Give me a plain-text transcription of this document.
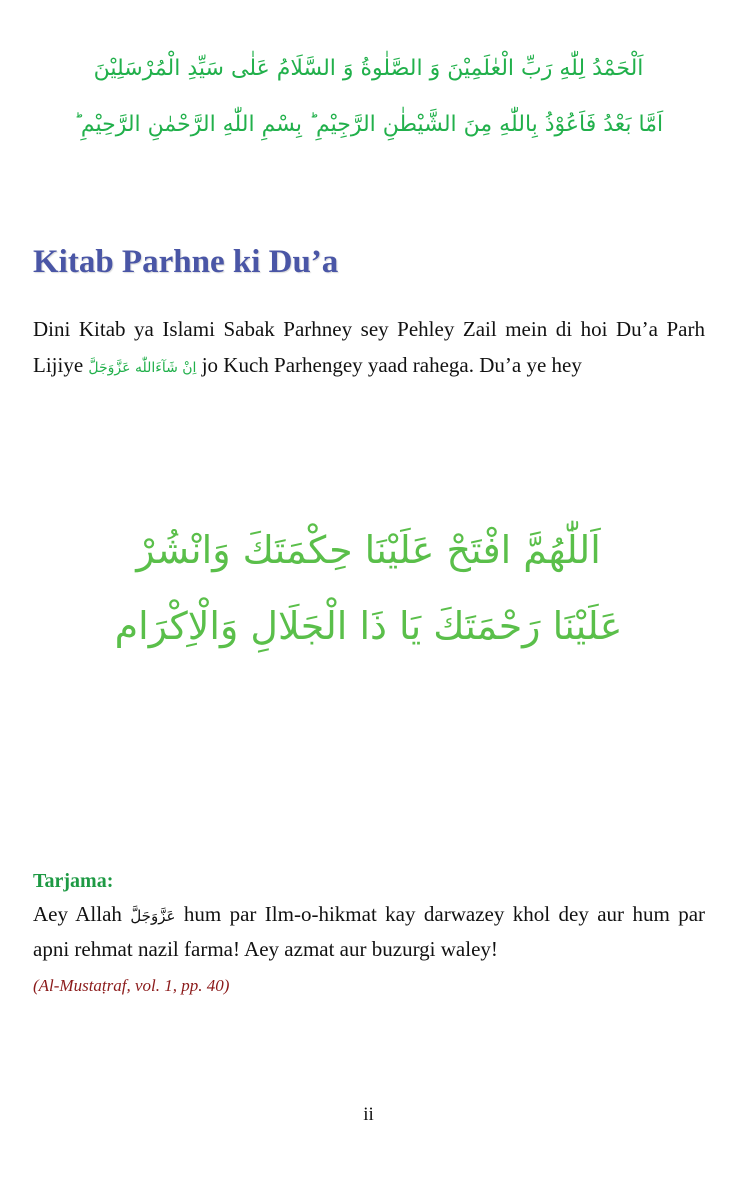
اَلْحَمْدُ لِلّٰهِ رَبِّ الْعٰلَمِيْنَ وَ الصَّلٰوةُ وَ السَّلَامُ عَلٰى سَيِّدِ الْمُرْسَلِيْنَ
اَمَّا بَعْدُ فَاَعُوْذُ بِاللّٰهِ مِنَ الشَّيْطٰنِ الرَّجِيْمِ ؕ بِسْمِ اللّٰهِ الرَّحْمٰنِ الرَّحِيْمِ ؕ
Kitab Parhne ki Du’a

Dini Kitab ya Islami Sabak Parhney sey Pehley Zail mein di hoi Du’a Parh Lijiye اِنْ شَآءَاللّٰه عَزَّوَجَلَّ jo Kuch Parhengey yaad rahega. Du’a ye hey

اَللّٰهُمَّ افْتَحْ عَلَيْنَا حِكْمَتَكَ وَانْشُرْ
عَلَيْنَا رَحْمَتَكَ يَا ذَا الْجَلَالِ وَالْاِكْرَام
Tarjama:

Aey Allah عَزَّوَجَلَّ hum par Ilm-o-hikmat kay darwazey khol dey aur hum par apni rehmat nazil farma! Aey azmat aur buzurgi waley!

(Al-Mustaṭraf, vol. 1, pp. 40)
ii
